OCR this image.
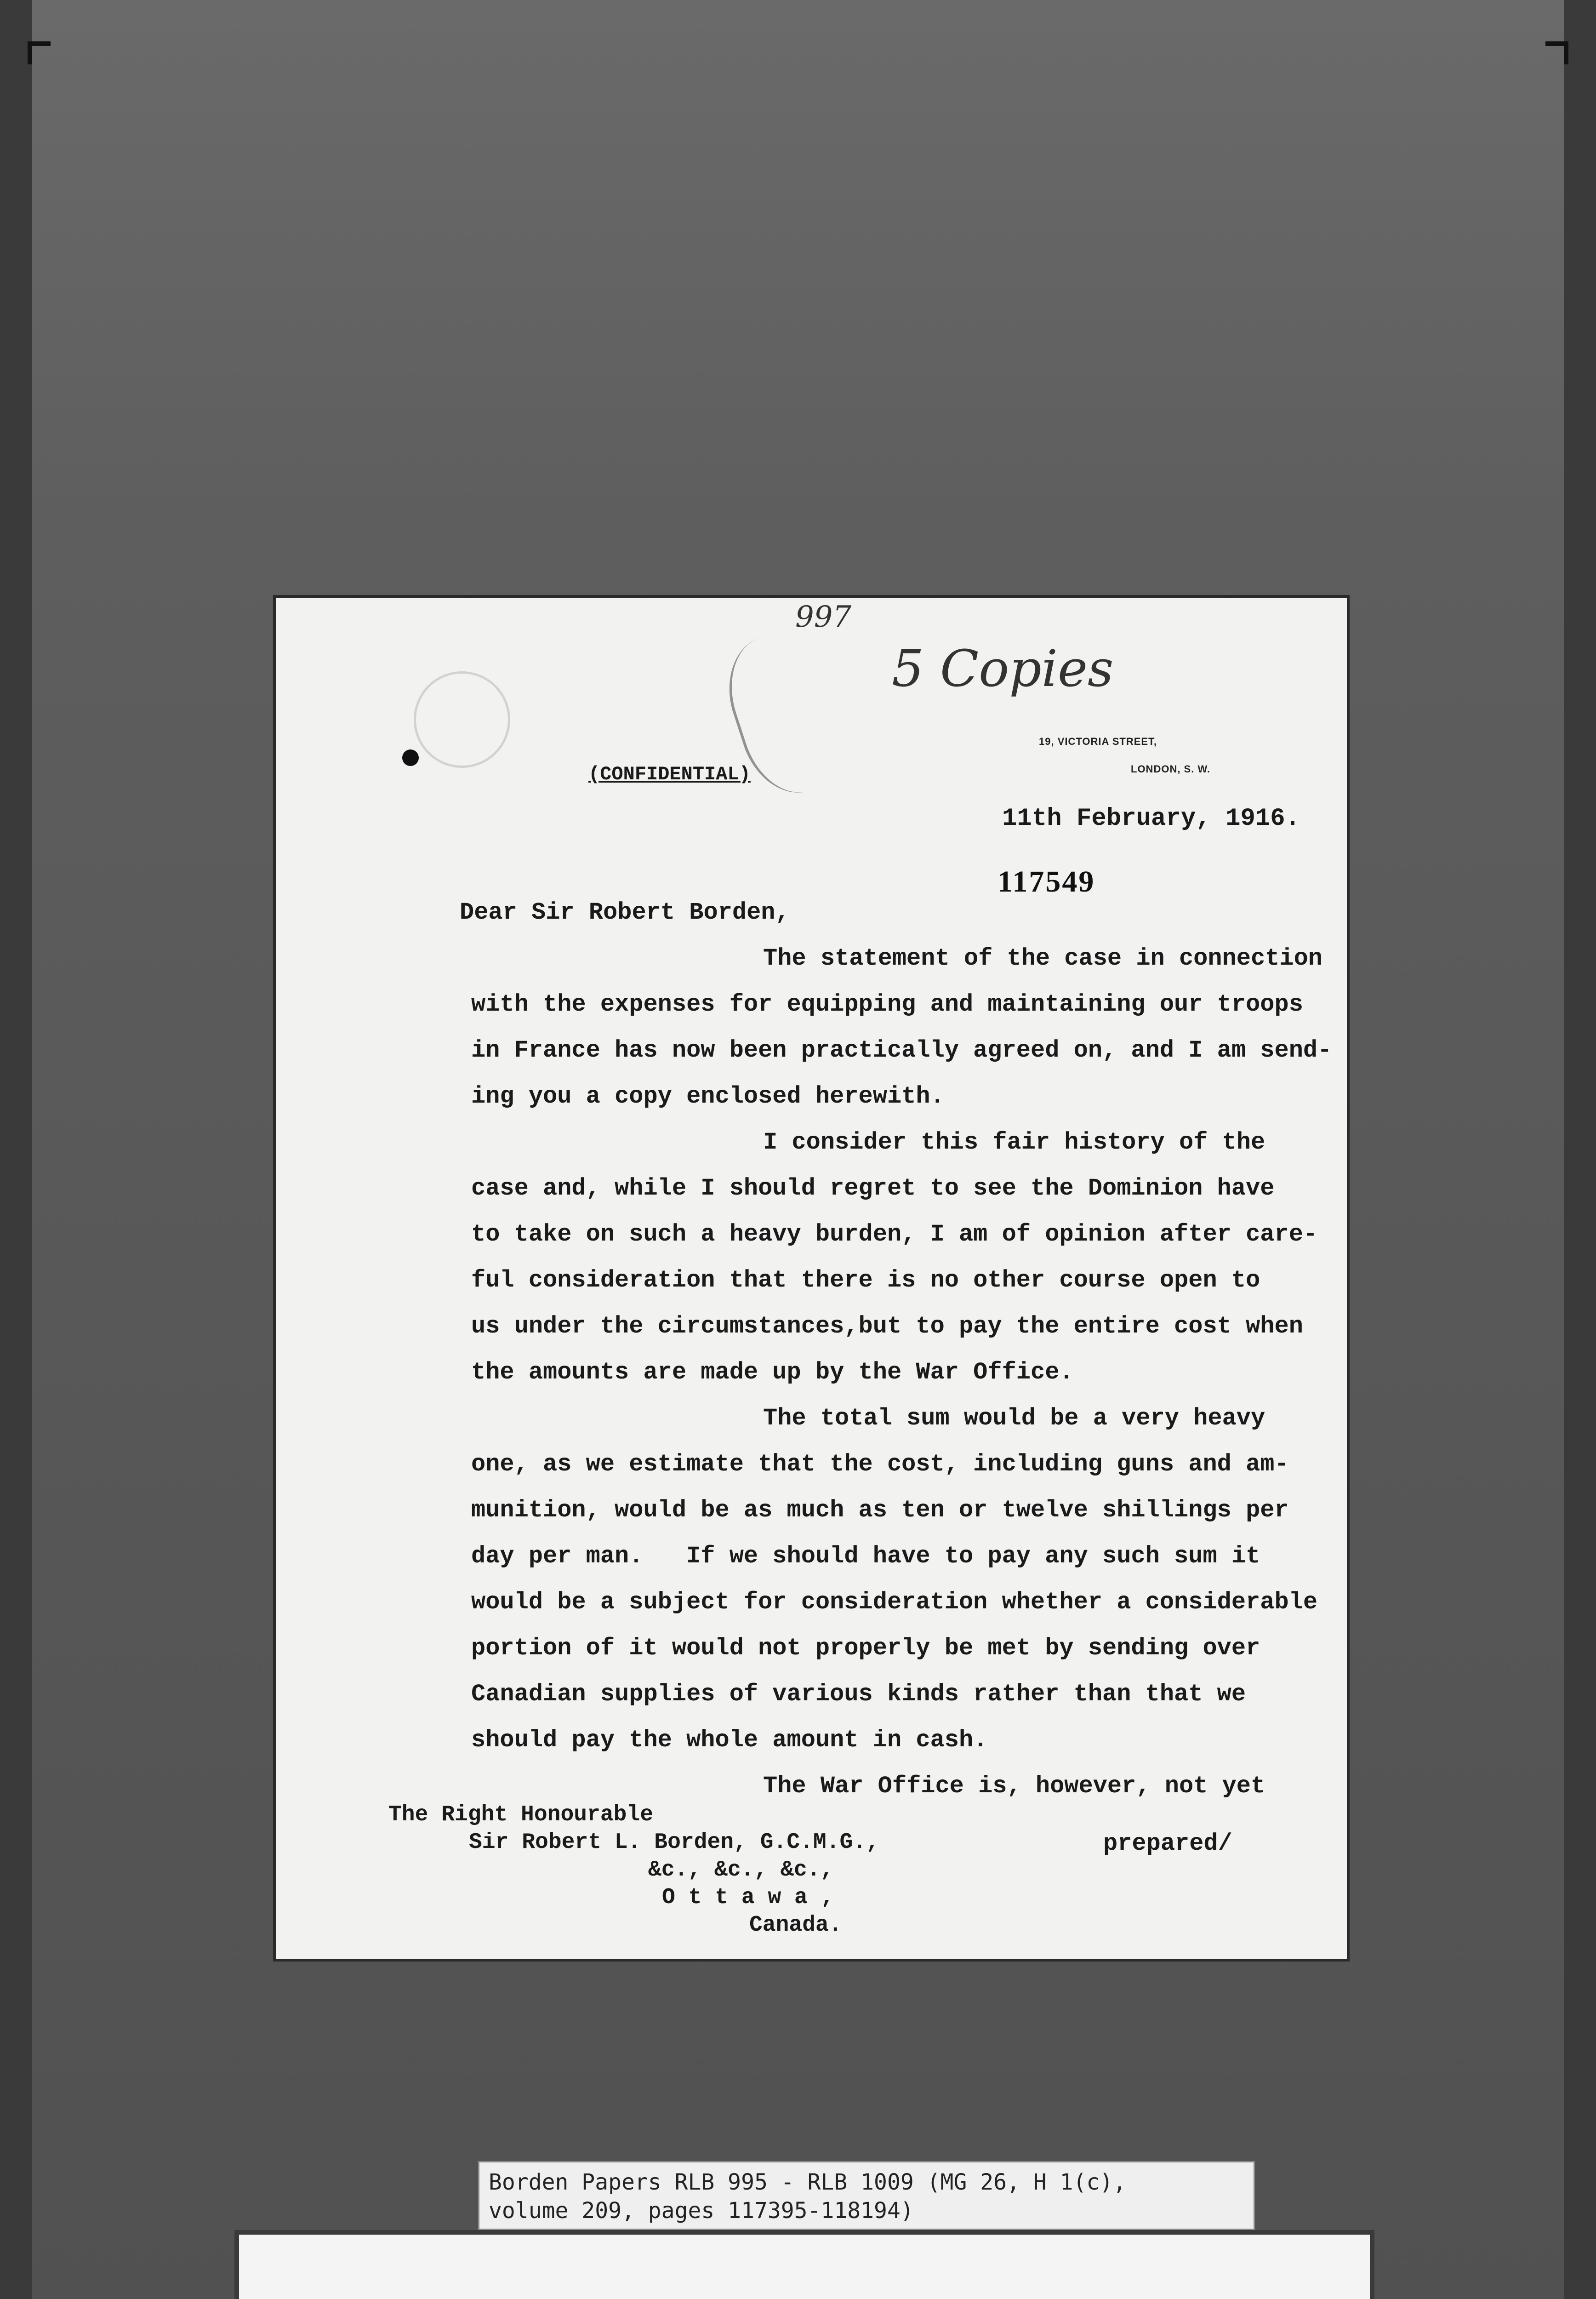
997
5 Copies
19, VICTORIA STREET,
LONDON, S. W.
(CONFIDENTIAL)
11th February, 1916.
117549
Dear Sir Robert Borden,
The statement of the case in connection
with the expenses for equipping and maintaining our troops
in France has now been practically agreed on, and I am send-
ing you a copy enclosed herewith.
I consider this fair history of the
case and, while I should regret to see the Dominion have
to take on such a heavy burden, I am of opinion after care-
ful consideration that there is no other course open to
us under the circumstances,but to pay the entire cost when
the amounts are made up by the War Office.
The total sum would be a very heavy
one, as we estimate that the cost, including guns and am-
munition, would be as much as ten or twelve shillings per
day per man.   If we should have to pay any such sum it
would be a subject for consideration whether a considerable
portion of it would not properly be met by sending over
Canadian supplies of various kinds rather than that we
should pay the whole amount in cash.
The War Office is, however, not yet
The Right Honourable
Sir Robert L. Borden, G.C.M.G.,
&c., &c., &c.,
O t t a w a ,
Canada.
prepared/
Borden Papers RLB 995 - RLB 1009 (MG 26, H 1(c),
volume 209, pages 117395-118194)
